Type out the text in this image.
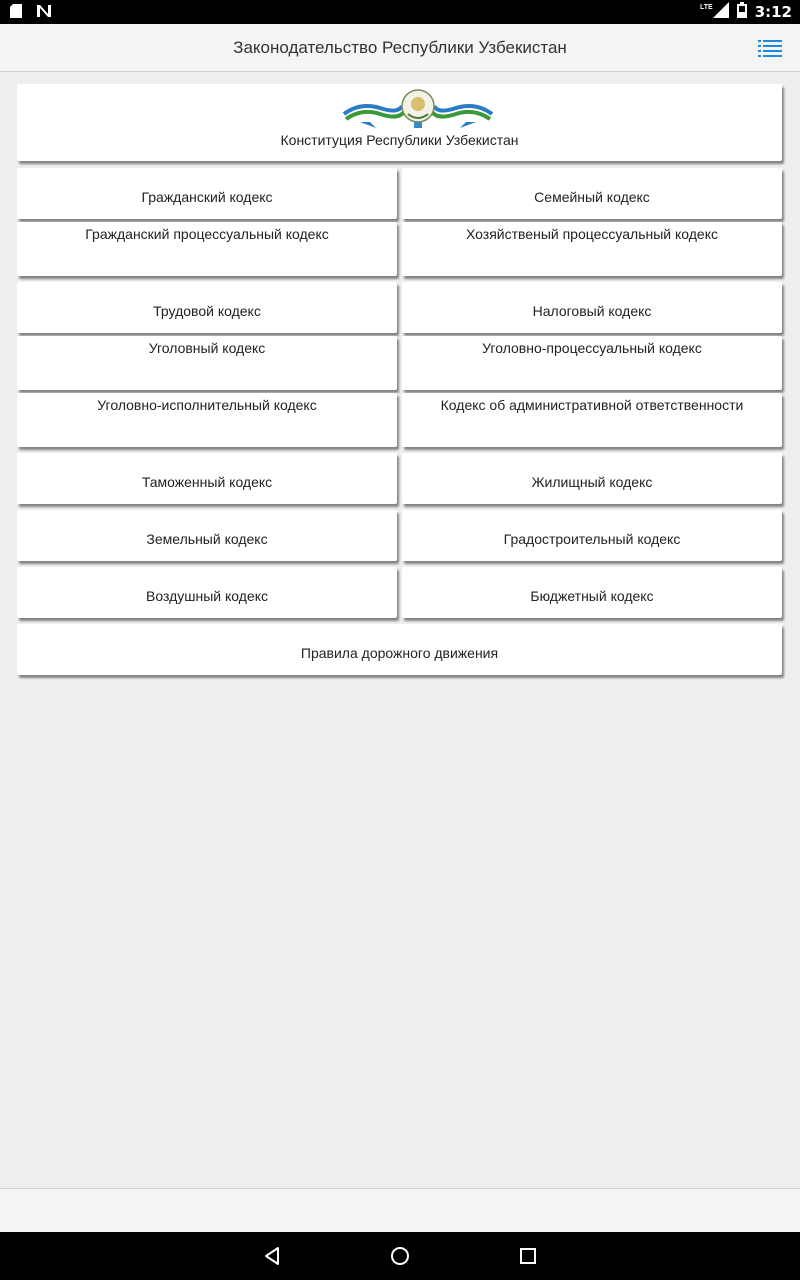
LTE	3:12
Законодательство Республики Узбекистан
Конституция Республики Узбекистан
Гражданский кодекс	Семейный кодекс
Гражданский процессуальный кодекс	Хозяйственый процессуальный кодекс
Трудовой кодекс	Налоговый кодекс
Уголовный кодекс	Уголовно-процессуальный кодекс
Уголовно-исполнительный кодекс	Кодекс об административной ответственности
Таможенный кодекс	Жилищный кодекс
Земельный кодекс	Градостроительный кодекс
Воздушный кодекс	Бюджетный кодекс
Правила дорожного движения
